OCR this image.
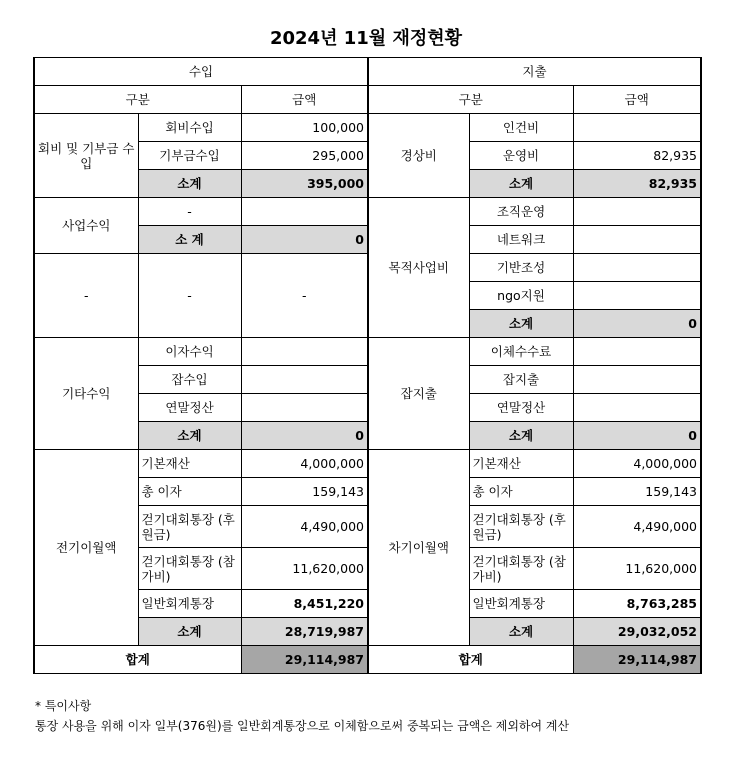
2024년 11월 재정현황
수입			지출		
구분		금액	구분		금액
회비 및 기부금 수입	회비수입	100,000	경상비	인건비	
	기부금수입	295,000		운영비	82,935
	소계	395,000		소계	82,935
사업수익	-		목적사업비	조직운영	
	소 계	0		네트워크	
-	-	-		기반조성	
				ngo지원	
				소계	0
기타수익	이자수익		잡지출	이체수수료	
	잡수입			잡지출	
	연말정산			연말정산	
	소계	0		소계	0
전기이월액	기본재산	4,000,000	차기이월액	기본재산	4,000,000
	총 이자	159,143		총 이자	159,143
	걷기대회통장 (후원금)	4,490,000		걷기대회통장 (후원금)	4,490,000
	걷기대회통장 (참가비)	11,620,000		걷기대회통장 (참가비)	11,620,000
	일반회계통장	8,451,220		일반회계통장	8,763,285
	소계	28,719,987		소계	29,032,052
합계		29,114,987	합계		29,114,987
* 특이사항
통장 사용을 위해 이자 일부(376원)를 일반회계통장으로 이체함으로써 중복되는 금액은 제외하여 계산
